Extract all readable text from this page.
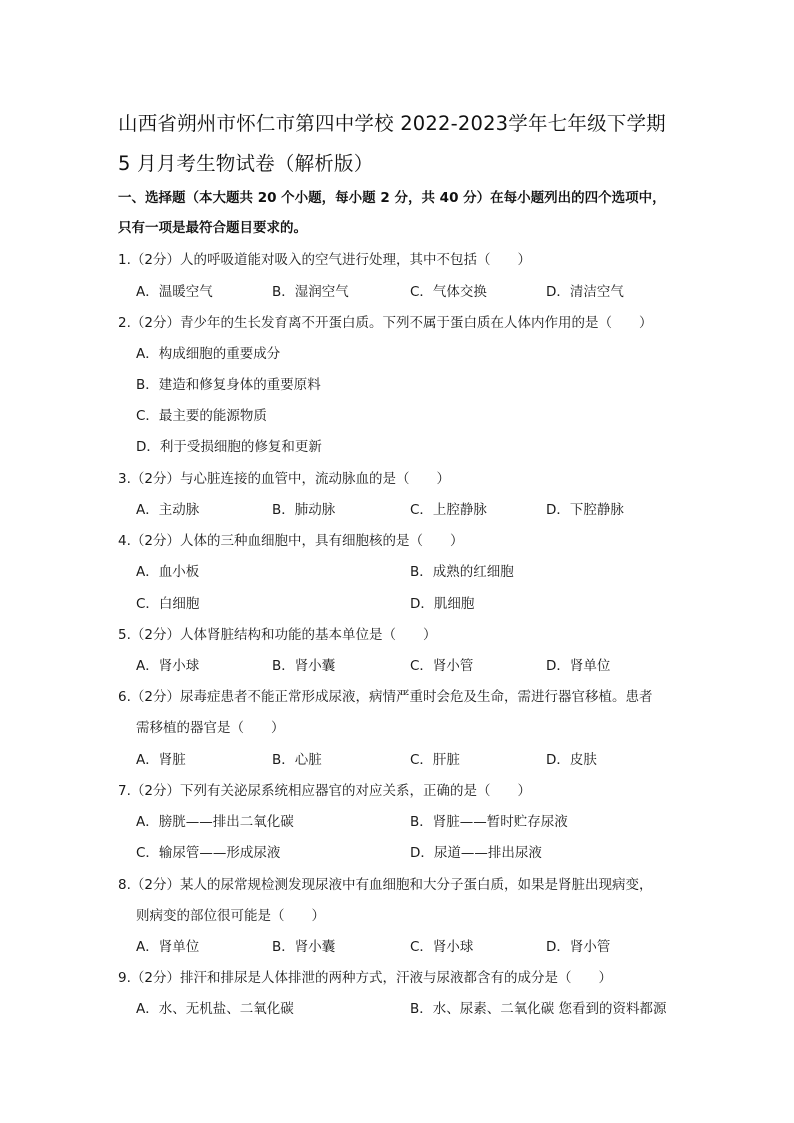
山西省朔州市怀仁市第四中学校 2022-2023学年七年级下学期
5 月月考生物试卷（解析版）
一、选择题（本大题共 20 个小题，每小题 2 分，共 40 分）在每小题列出的四个选项中，
只有一项是最符合题目要求的。
1.（2分）人的呼吸道能对吸入的空气进行处理，其中不包括（　　）
A．温暖空气	B．湿润空气	C．气体交换	D．清洁空气
2.（2分）青少年的生长发育离不开蛋白质。下列不属于蛋白质在人体内作用的是（　　）
A．构成细胞的重要成分
B．建造和修复身体的重要原料
C．最主要的能源物质
D．利于受损细胞的修复和更新
3.（2分）与心脏连接的血管中，流动脉血的是（　　）
A．主动脉	B．肺动脉	C．上腔静脉	D．下腔静脉
4.（2分）人体的三种血细胞中，具有细胞核的是（　　）
A．血小板	B．成熟的红细胞
C．白细胞	D．肌细胞
5.（2分）人体肾脏结构和功能的基本单位是（　　）
A．肾小球	B．肾小囊	C．肾小管	D．肾单位
6.（2分）尿毒症患者不能正常形成尿液，病情严重时会危及生命，需进行器官移植。患者
需移植的器官是（　　）
A．肾脏	B．心脏	C．肝脏	D．皮肤
7.（2分）下列有关泌尿系统相应器官的对应关系，正确的是（　　）
A．膀胱——排出二氧化碳	B．肾脏——暂时贮存尿液
C．输尿管——形成尿液	D．尿道——排出尿液
8.（2分）某人的尿常规检测发现尿液中有血细胞和大分子蛋白质，如果是肾脏出现病变，
则病变的部位很可能是（　　）
A．肾单位	B．肾小囊	C．肾小球	D．肾小管
9.（2分）排汗和排尿是人体排泄的两种方式，汗液与尿液都含有的成分是（　　）
A．水、无机盐、二氧化碳	B．水、尿素、二氧化碳 您看到的资料都源
